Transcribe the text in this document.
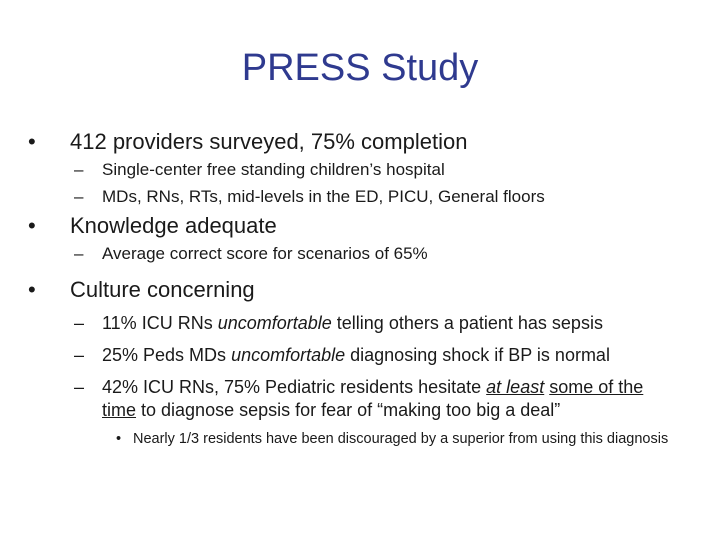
PRESS Study
• 412 providers surveyed, 75% completion
– Single-center free standing children’s hospital
– MDs, RNs, RTs, mid-levels in the ED, PICU, General floors
• Knowledge adequate
– Average correct score for scenarios of 65%
• Culture concerning
– 11% ICU RNs uncomfortable telling others a patient has sepsis
– 25% Peds MDs uncomfortable diagnosing shock if BP is normal
– 42% ICU RNs, 75% Pediatric residents hesitate at least some of the time to diagnose sepsis for fear of “making too big a deal”
• Nearly 1/3 residents have been discouraged by a superior from using this diagnosis
